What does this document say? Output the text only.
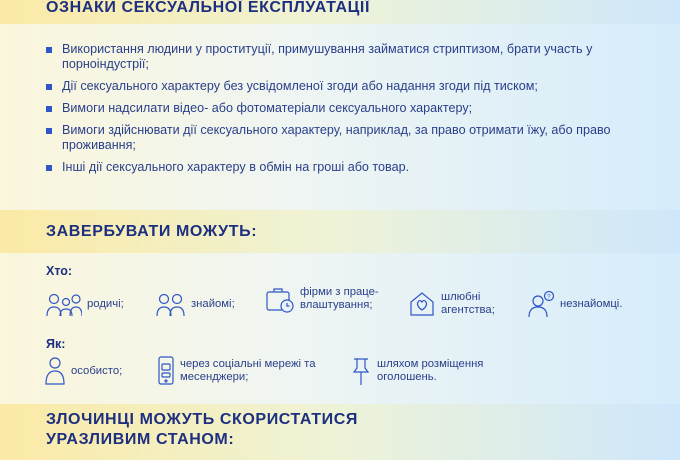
ОЗНАКИ СЕКСУАЛЬНОЇ ЕКСПЛУАТАЦІЇ
Використання людини у проституції, примушування займатися стриптизом, брати участь у порноіндустрії;
Дії сексуального характеру без усвідомленої згоди або надання згоди під тиском;
Вимоги надсилати відео- або фотоматеріали сексуального характеру;
Вимоги здійснювати дії сексуального характеру, наприклад, за право отримати їжу, або право проживання;
Інші дії сексуального характеру в обмін на гроші або товар.
ЗАВЕРБУВАТИ МОЖУТЬ:
Хто:
родичі;	знайомі;
фірми з праце- влаштування;
шлюбні агентства;
?
незнайомці.
Як:
особисто;
через соціальні мережі та месенджери;
шляхом розміщення оголошень.
ЗЛОЧИНЦІ МОЖУТЬ СКОРИСТАТИСЯ
УРАЗЛИВИМ СТАНОМ:
